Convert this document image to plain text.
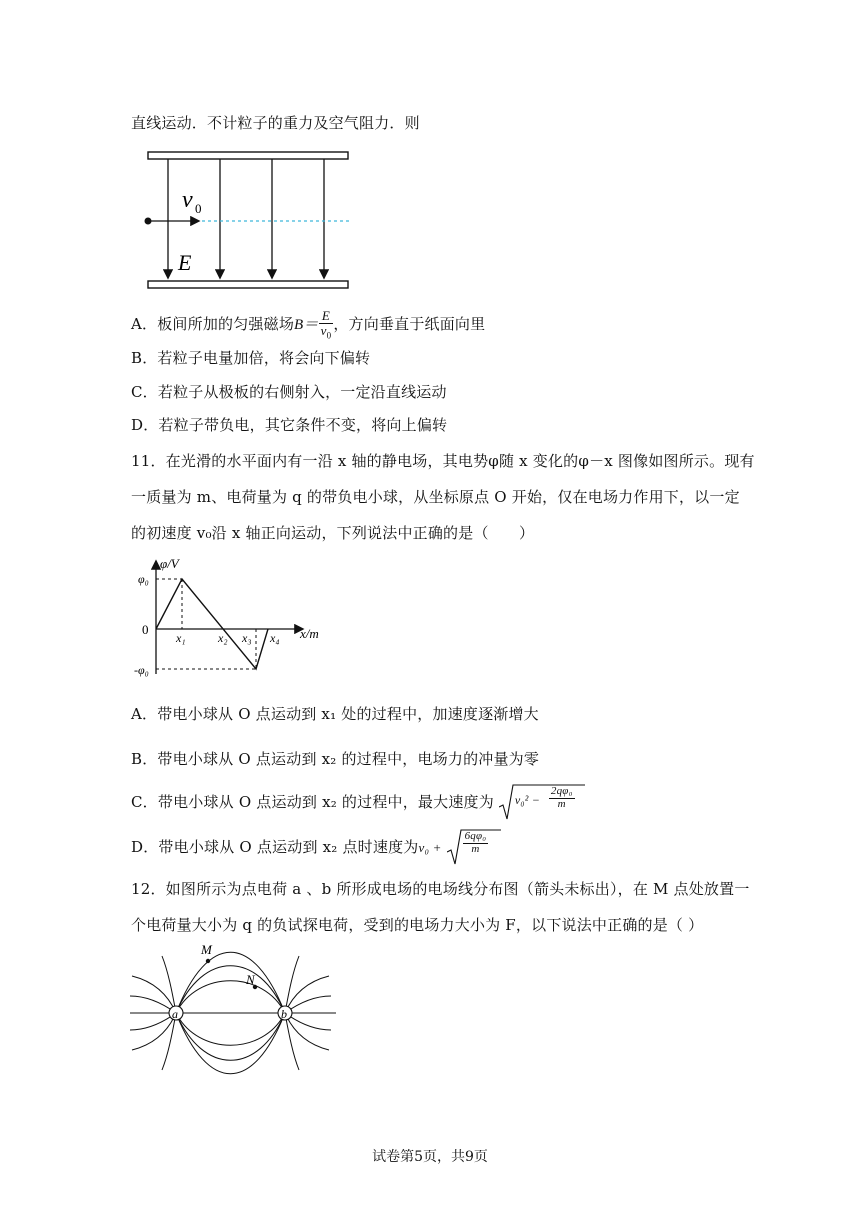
直线运动．不计粒子的重力及空气阻力．则
v 0
E
A．板间所加的匀强磁场$B= \frac{E}{v_0}$ ，方向垂直于纸面向里
B．若粒子电量加倍，将会向下偏转
C．若粒子从极板的右侧射入，一定沿直线运动
D．若粒子带负电，其它条件不变，将向上偏转
11．在光滑的水平面内有一沿 x 轴的静电场，其电势φ随 x 变化的φ－x 图像如图所示。现有
一质量为 m、电荷量为 q 的带负电小球，从坐标原点 O 开始，仅在电场力作用下，以一定
的初速度 v₀沿 x 轴正向运动，下列说法中正确的是（　　）
φ/V
x/m
0
φ₀
-φ₀
x₁	x₂ x₃ x₄
A．带电小球从 O 点运动到 x₁ 处的过程中，加速度逐渐增大
B．带电小球从 O 点运动到 x₂ 的过程中，电场力的冲量为零
C．带电小球从 O 点运动到 x₂ 的过程中，最大速度为 $v_0^2 - \frac{\text{2qφ₀}}{m}$
D．带电小球从 O 点运动到 x₂ 点时速度为$v_0 + \frac{\text{6qφ₀}}{m}$
12．如图所示为点电荷 a 、b 所形成电场的电场线分布图（箭头未标出），在 M 点处放置一
个电荷量大小为 q 的负试探电荷，受到的电场力大小为 F，以下说法中正确的是（ ）
a	b
M
N
试卷第5页，共9页
